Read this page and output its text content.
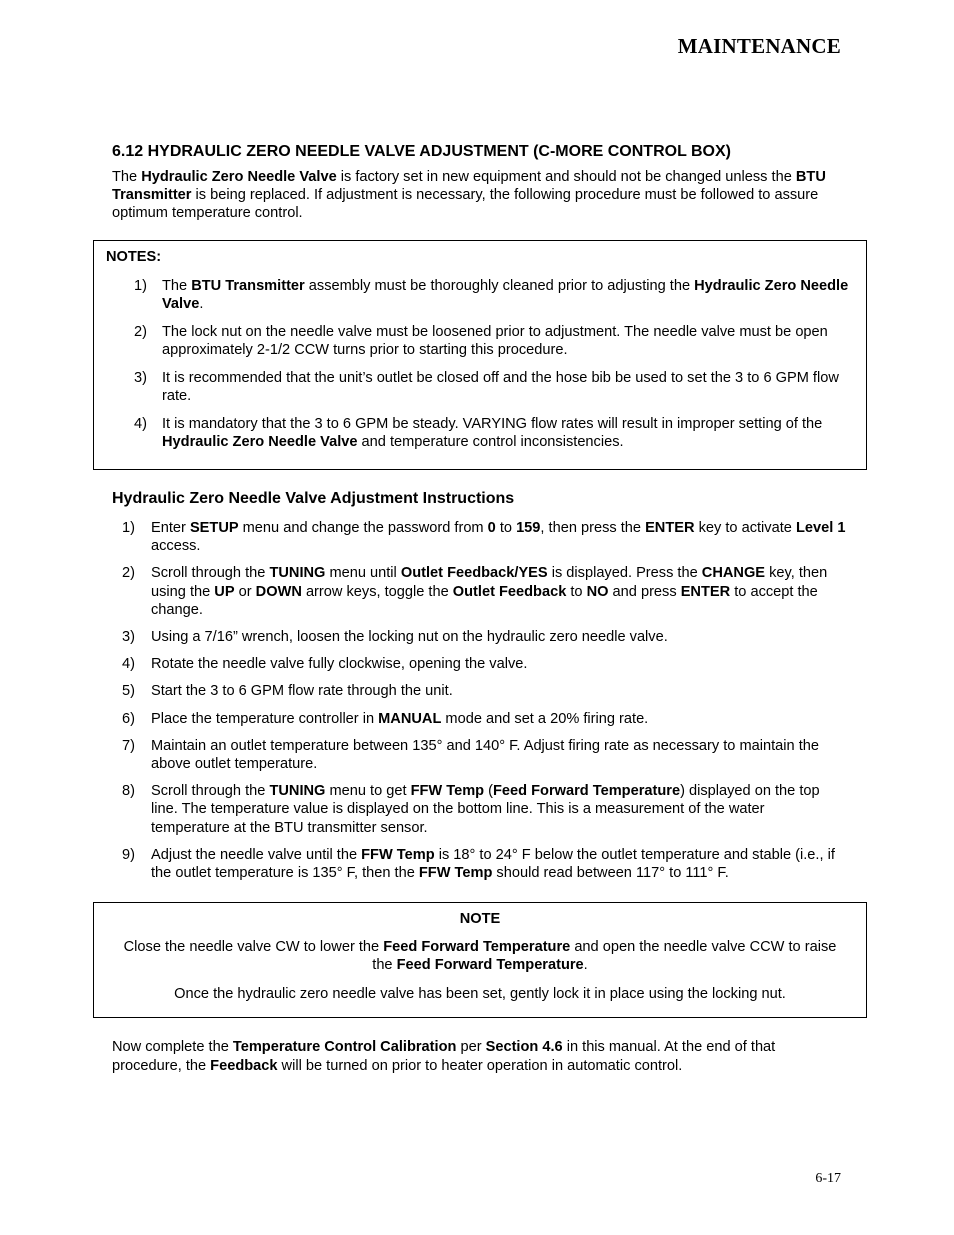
MAINTENANCE
6.12 HYDRAULIC ZERO NEEDLE VALVE ADJUSTMENT (C-MORE CONTROL BOX)
The Hydraulic Zero Needle Valve is factory set in new equipment and should not be changed unless the BTU Transmitter is being replaced. If adjustment is necessary, the following procedure must be followed to assure optimum temperature control.
NOTES:
1) The BTU Transmitter assembly must be thoroughly cleaned prior to adjusting the Hydraulic Zero Needle Valve.
2) The lock nut on the needle valve must be loosened prior to adjustment. The needle valve must be open approximately 2-1/2 CCW turns prior to starting this procedure.
3) It is recommended that the unit’s outlet be closed off and the hose bib be used to set the 3 to 6 GPM flow rate.
4) It is mandatory that the 3 to 6 GPM be steady. VARYING flow rates will result in improper setting of the Hydraulic Zero Needle Valve and temperature control inconsistencies.
Hydraulic Zero Needle Valve Adjustment Instructions
1) Enter SETUP menu and change the password from 0 to 159, then press the ENTER key to activate Level 1 access.
2) Scroll through the TUNING menu until Outlet Feedback/YES is displayed. Press the CHANGE key, then using the UP or DOWN arrow keys, toggle the Outlet Feedback to NO and press ENTER to accept the change.
3) Using a 7/16” wrench, loosen the locking nut on the hydraulic zero needle valve.
4) Rotate the needle valve fully clockwise, opening the valve.
5) Start the 3 to 6 GPM flow rate through the unit.
6) Place the temperature controller in MANUAL mode and set a 20% firing rate.
7) Maintain an outlet temperature between 135° and 140° F. Adjust firing rate as necessary to maintain the above outlet temperature.
8) Scroll through the TUNING menu to get FFW Temp (Feed Forward Temperature) displayed on the top line. The temperature value is displayed on the bottom line. This is a measurement of the water temperature at the BTU transmitter sensor.
9) Adjust the needle valve until the FFW Temp is 18° to 24° F below the outlet temperature and stable (i.e., if the outlet temperature is 135° F, then the FFW Temp should read between 117° to 111° F.
NOTE
Close the needle valve CW to lower the Feed Forward Temperature and open the needle valve CCW to raise the Feed Forward Temperature.
Once the hydraulic zero needle valve has been set, gently lock it in place using the locking nut.
Now complete the Temperature Control Calibration per Section 4.6 in this manual. At the end of that procedure, the Feedback will be turned on prior to heater operation in automatic control.
6-17
